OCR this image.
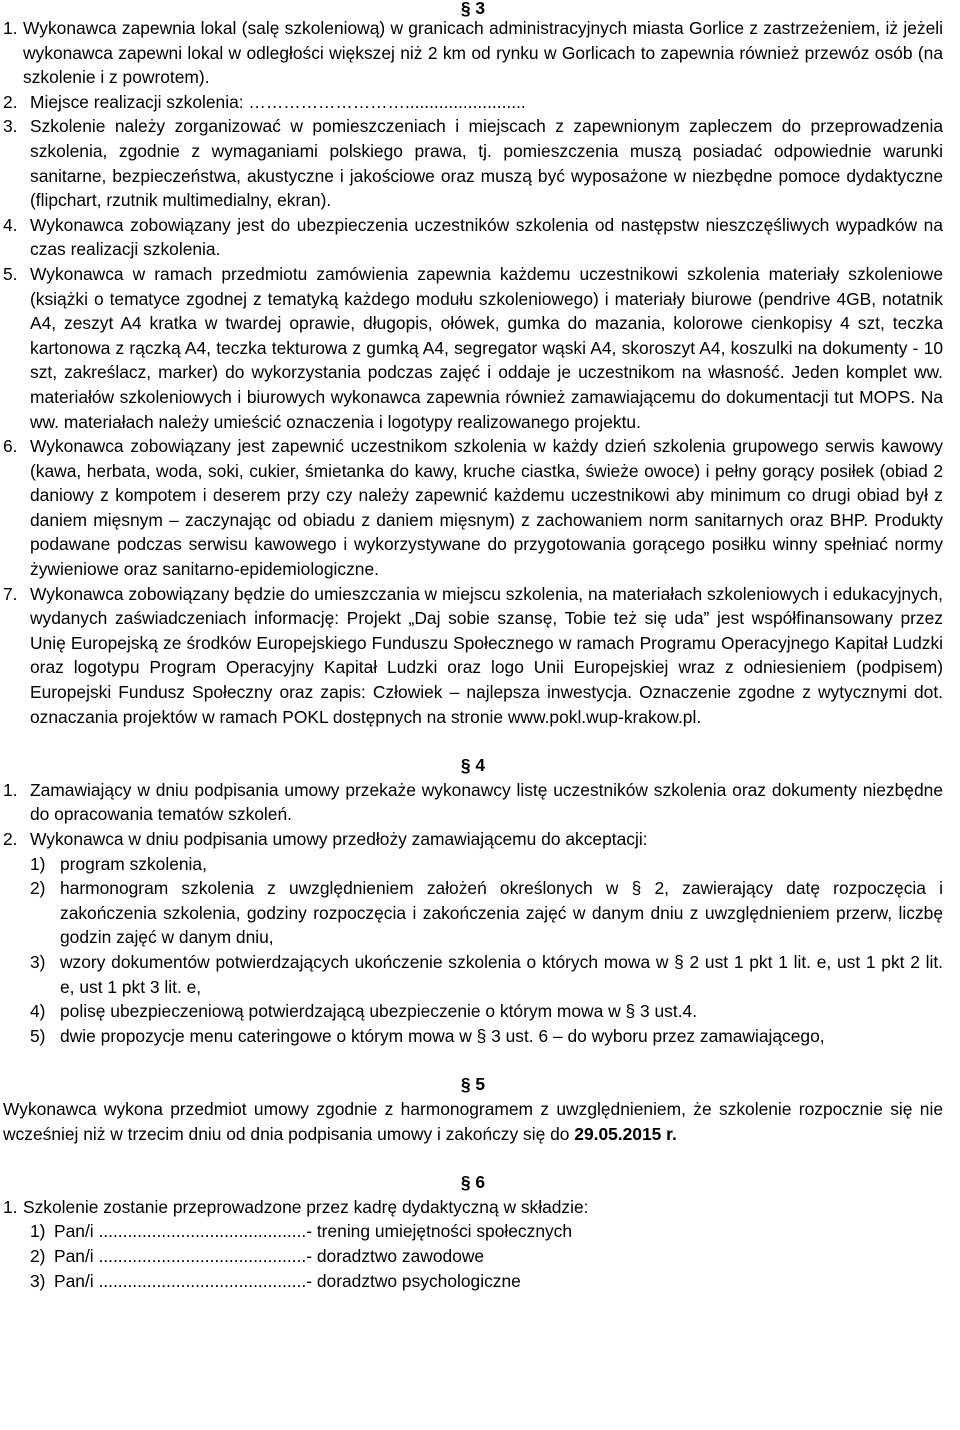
§ 3
1. Wykonawca zapewnia lokal (salę szkoleniową) w granicach administracyjnych miasta Gorlice z zastrzeżeniem, iż jeżeli wykonawca zapewni lokal w odległości większej niż 2 km od rynku w Gorlicach to zapewnia również przewóz osób (na szkolenie i z powrotem).
2. Miejsce realizacji szkolenia: ……………………….........................
3. Szkolenie należy zorganizować w pomieszczeniach i miejscach z zapewnionym zapleczem do przeprowadzenia szkolenia, zgodnie z wymaganiami polskiego prawa, tj. pomieszczenia muszą posiadać odpowiednie warunki sanitarne, bezpieczeństwa, akustyczne i jakościowe oraz muszą być wyposażone w niezbędne pomoce dydaktyczne (flipchart, rzutnik multimedialny, ekran).
4. Wykonawca zobowiązany jest do ubezpieczenia uczestników szkolenia od następstw nieszczęśliwych wypadków na czas realizacji szkolenia.
5. Wykonawca w ramach przedmiotu zamówienia zapewnia każdemu uczestnikowi szkolenia materiały szkoleniowe (książki o tematyce zgodnej z tematyką każdego modułu szkoleniowego) i materiały biurowe (pendrive 4GB, notatnik A4, zeszyt A4 kratka w twardej oprawie, długopis, ołówek, gumka do mazania, kolorowe cienkopisy 4 szt, teczka kartonowa z rączką A4, teczka tekturowa z gumką A4, segregator wąski A4, skoroszyt A4, koszulki na dokumenty - 10 szt, zakreślacz, marker) do wykorzystania podczas zajęć i oddaje je uczestnikom na własność. Jeden komplet ww. materiałów szkoleniowych i biurowych wykonawca zapewnia również zamawiającemu do dokumentacji tut MOPS. Na ww. materiałach należy umieścić oznaczenia i logotypy realizowanego projektu.
6. Wykonawca zobowiązany jest zapewnić uczestnikom szkolenia w każdy dzień szkolenia grupowego serwis kawowy (kawa, herbata, woda, soki, cukier, śmietanka do kawy, kruche ciastka, świeże owoce) i pełny gorący posiłek (obiad 2 daniowy z kompotem i deserem przy czy należy zapewnić każdemu uczestnikowi aby minimum co drugi obiad był z daniem mięsnym – zaczynając od obiadu z daniem mięsnym) z zachowaniem norm sanitarnych oraz BHP. Produkty podawane podczas serwisu kawowego i wykorzystywane do przygotowania gorącego posiłku winny spełniać normy żywieniowe oraz sanitarno-epidemiologiczne.
7. Wykonawca zobowiązany będzie do umieszczania w miejscu szkolenia, na materiałach szkoleniowych i edukacyjnych, wydanych zaświadczeniach informację: Projekt „Daj sobie szansę, Tobie też się uda” jest współfinansowany przez Unię Europejską ze środków Europejskiego Funduszu Społecznego w ramach Programu Operacyjnego Kapitał Ludzki oraz logotypu Program Operacyjny Kapitał Ludzki oraz logo Unii Europejskiej wraz z odniesieniem (podpisem) Europejski Fundusz Społeczny oraz zapis: Człowiek – najlepsza inwestycja. Oznaczenie zgodne z wytycznymi dot. oznaczania projektów w ramach POKL dostępnych na stronie www.pokl.wup-krakow.pl.
§ 4
1. Zamawiający w dniu podpisania umowy przekaże wykonawcy listę uczestników szkolenia oraz dokumenty niezbędne do opracowania tematów szkoleń.
2. Wykonawca w dniu podpisania umowy przedłoży zamawiającemu do akceptacji:
1) program szkolenia,
2) harmonogram szkolenia z uwzględnieniem założeń określonych w § 2, zawierający datę rozpoczęcia i zakończenia szkolenia, godziny rozpoczęcia i zakończenia zajęć w danym dniu z uwzględnieniem przerw, liczbę godzin zajęć w danym dniu,
3) wzory dokumentów potwierdzających ukończenie szkolenia o których mowa w § 2 ust 1 pkt 1 lit. e, ust 1 pkt 2 lit. e, ust 1 pkt 3 lit. e,
4) polisę ubezpieczeniową potwierdzającą ubezpieczenie o którym mowa w § 3 ust.4.
5) dwie propozycje menu cateringowe o którym mowa w § 3 ust. 6 – do wyboru przez zamawiającego,
§ 5

Wykonawca wykona przedmiot umowy zgodnie z harmonogramem z uwzględnieniem, że szkolenie rozpocznie się nie wcześniej niż w trzecim dniu od dnia podpisania umowy i zakończy się do 29.05.2015 r.

§ 6
1. Szkolenie zostanie przeprowadzone przez kadrę dydaktyczną w składzie:
1) Pan/i ...........................................- trening umiejętności społecznych
2) Pan/i ...........................................- doradztwo zawodowe
3) Pan/i ...........................................- doradztwo psychologiczne
